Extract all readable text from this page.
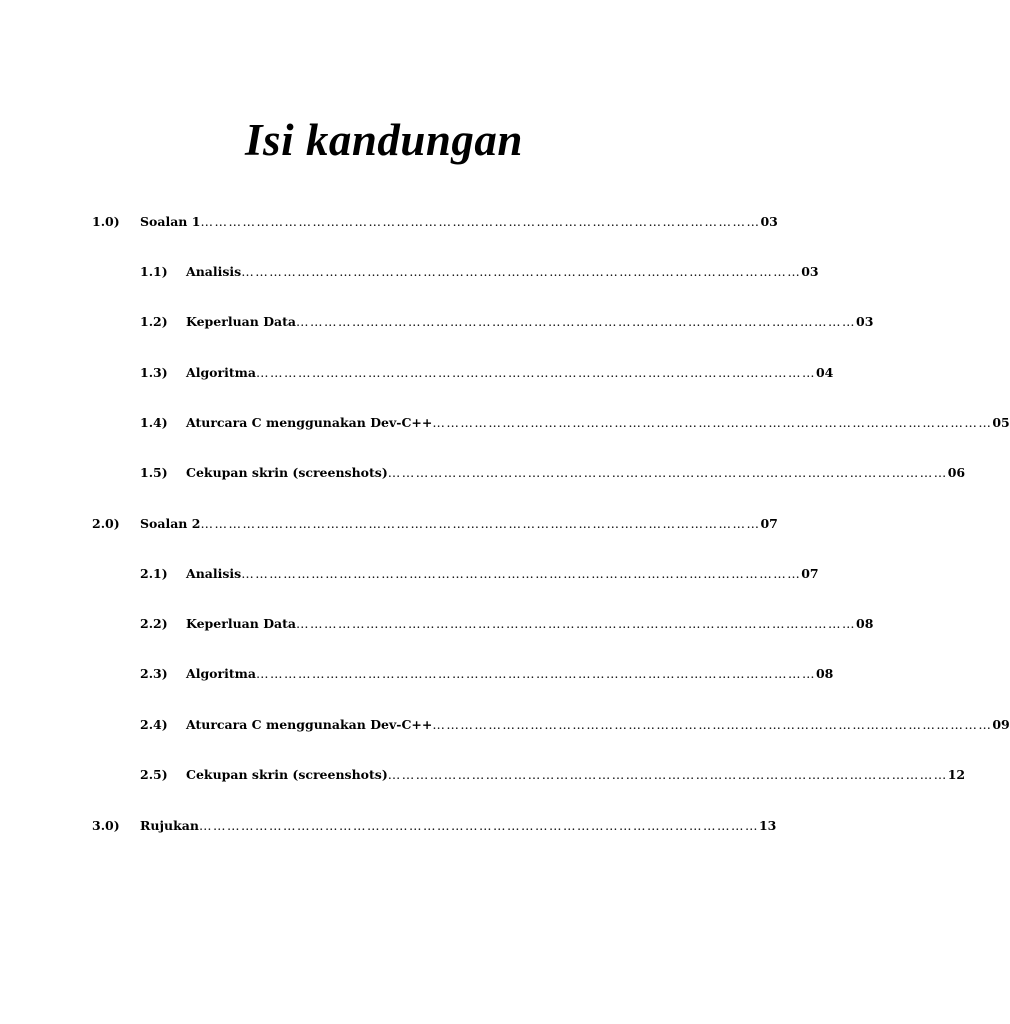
Isi kandungan
1.0) Soalan 1 ………………………………………………………………………………………………………… 03
1.1) Analisis ………………………………………………………………………………………………………… 03
1.2) Keperluan Data ………………………………………………………………………………………………………… 03
1.3) Algoritma ………………………………………………………………………………………………………… 04
1.4) Aturcara C menggunakan Dev-C++ ………………………………………………………………………………………………………… 05
1.5) Cekupan skrin (screenshots) ………………………………………………………………………………………………………… 06
2.0) Soalan 2 ………………………………………………………………………………………………………… 07
2.1) Analisis ………………………………………………………………………………………………………… 07
2.2) Keperluan Data ………………………………………………………………………………………………………… 08
2.3) Algoritma ………………………………………………………………………………………………………… 08
2.4) Aturcara C menggunakan Dev-C++ ………………………………………………………………………………………………………… 09
2.5) Cekupan skrin (screenshots) ………………………………………………………………………………………………………… 12
3.0) Rujukan ………………………………………………………………………………………………………… 13
